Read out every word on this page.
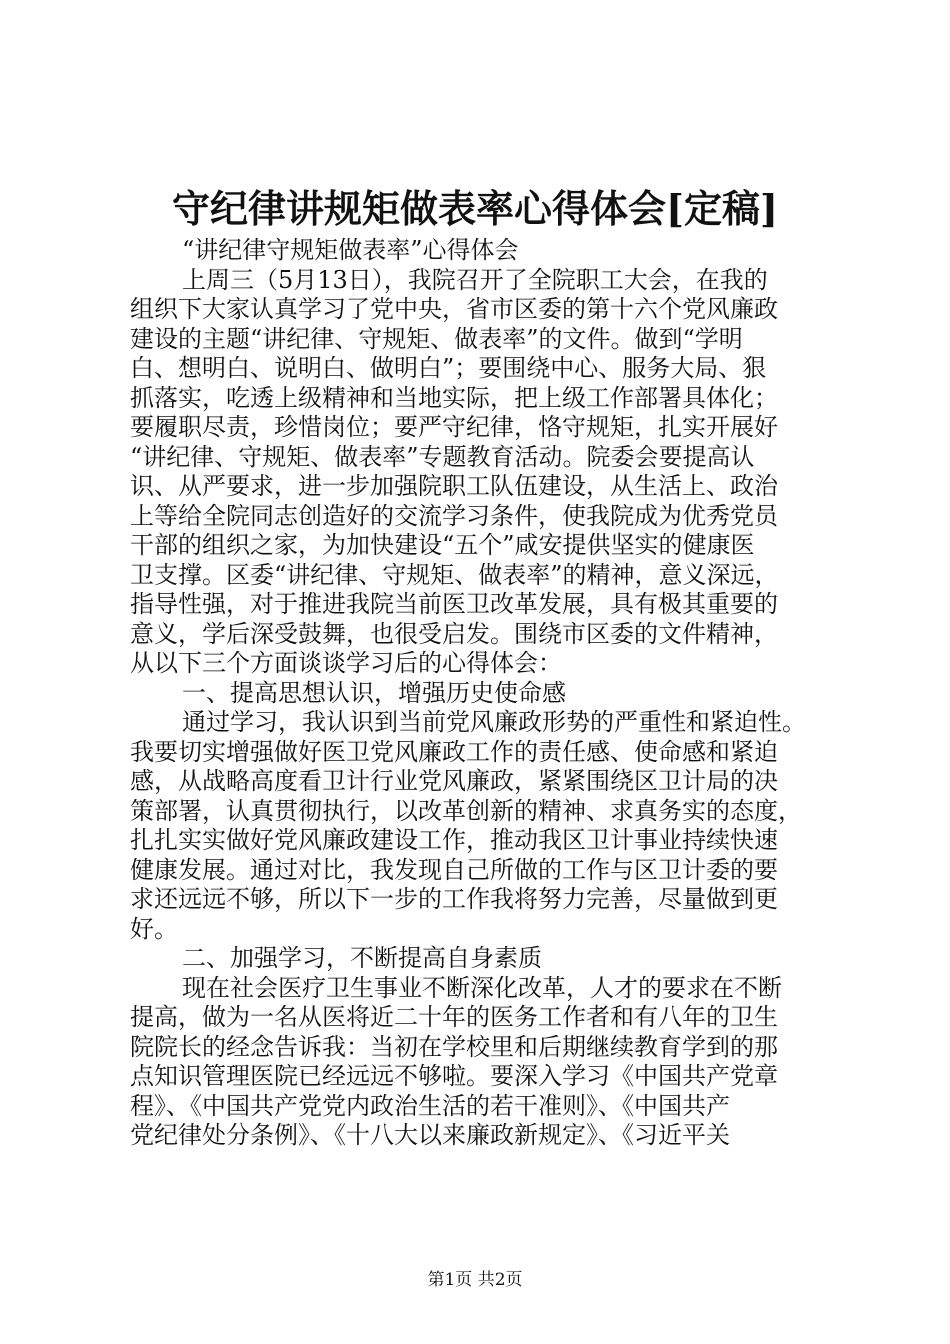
守纪律讲规矩做表率心得体会[定稿]
“讲纪律守规矩做表率”心得体会
上周三（5月13日），我院召开了全院职工大会，在我的
组织下大家认真学习了党中央，省市区委的第十六个党风廉政
建设的主题“讲纪律、守规矩、做表率”的文件。做到“学明
白、想明白、说明白、做明白”；要围绕中心、服务大局、狠
抓落实，吃透上级精神和当地实际，把上级工作部署具体化；
要履职尽责，珍惜岗位；要严守纪律，恪守规矩，扎实开展好
“讲纪律、守规矩、做表率”专题教育活动。院委会要提高认
识、从严要求，进一步加强院职工队伍建设，从生活上、政治
上等给全院同志创造好的交流学习条件，使我院成为优秀党员
干部的组织之家，为加快建设“五个”咸安提供坚实的健康医
卫支撑。区委“讲纪律、守规矩、做表率”的精神，意义深远，
指导性强，对于推进我院当前医卫改革发展，具有极其重要的
意义，学后深受鼓舞，也很受启发。围绕市区委的文件精神，
从以下三个方面谈谈学习后的心得体会：
一、提高思想认识，增强历史使命感
通过学习，我认识到当前党风廉政形势的严重性和紧迫性。
我要切实增强做好医卫党风廉政工作的责任感、使命感和紧迫
感，从战略高度看卫计行业党风廉政，紧紧围绕区卫计局的决
策部署，认真贯彻执行，以改革创新的精神、求真务实的态度，
扎扎实实做好党风廉政建设工作，推动我区卫计事业持续快速
健康发展。通过对比，我发现自己所做的工作与区卫计委的要
求还远远不够，所以下一步的工作我将努力完善，尽量做到更
好。
二、加强学习，不断提高自身素质
现在社会医疗卫生事业不断深化改革，人才的要求在不断
提高，做为一名从医将近二十年的医务工作者和有八年的卫生
院院长的经念告诉我：当初在学校里和后期继续教育学到的那
点知识管理医院已经远远不够啦。要深入学习《中国共产党章
程》、《中国共产党党内政治生活的若干准则》、《中国共产
党纪律处分条例》、《十八大以来廉政新规定》、《习近平关
第1页 共2页
